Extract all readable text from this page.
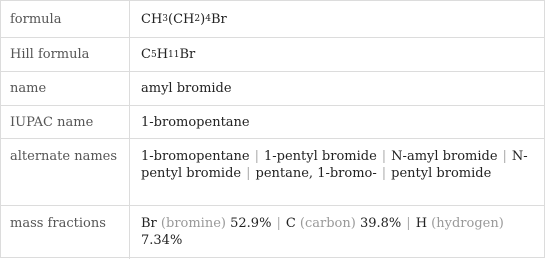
formula	CH 3 (CH 2 ) 4 Br
Hill formula	C 5 H 11 Br
name	amyl bromide
IUPAC name	1-bromopentane
alternate names	1-bromopentane | 1-pentyl bromide | N-amyl bromide | N-pentyl bromide | pentane, 1-bromo- | pentyl bromide
mass fractions	Br (bromine) 52.9% | C (carbon) 39.8% | H (hydrogen) 7.34%
